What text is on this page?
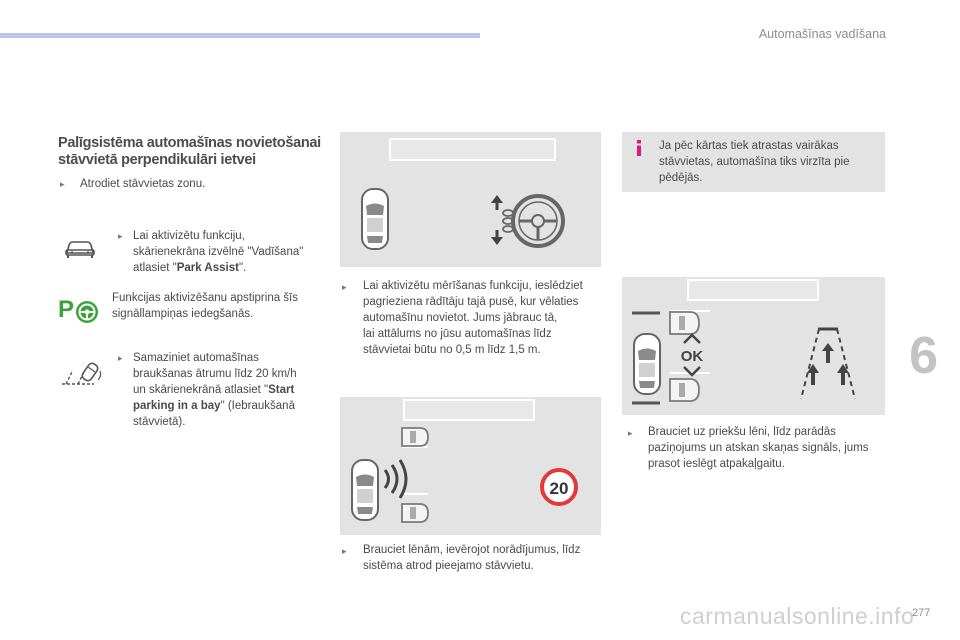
Automašīnas vadīšana
6
Palīgsistēma automašīnas novietošanai
stāvvietā perpendikulāri ietvei
▸
Atrodiet stāvvietas zonu.
▸
Lai aktivizētu funkciju,
skārienekrāna izvēlnē "Vadīšana"
atlasiet "Park Assist".
P	Funkcijas aktivizēšanu apstiprina šīs
signāllampiņas iedegšanās.
▸
Samaziniet automašīnas
braukšanas ātrumu līdz 20 km/h
un skārienekrānā atlasiet "Start
parking in a bay" (Iebraukšanā
stāvvietā).
▸
Lai aktivizētu mērīšanas funkciju, ieslēdziet
pagrieziena rādītāju tajā pusē, kur vēlaties
automašīnu novietot. Jums jābrauc tā,
lai attālums no jūsu automašīnas līdz
stāvvietai būtu no 0,5 m līdz 1,5 m.
20
▸
Brauciet lēnām, ievērojot norādījumus, līdz
sistēma atrod pieejamo stāvvietu.
Ja pēc kārtas tiek atrastas vairākas
stāvvietas, automašīna tiks virzīta pie
pēdējās.
OK
▸
Brauciet uz priekšu lēni, līdz parādās
paziņojums un atskan skaņas signāls, jums
prasot ieslēgt atpakaļgaitu.
carmanualsonline.info
277
